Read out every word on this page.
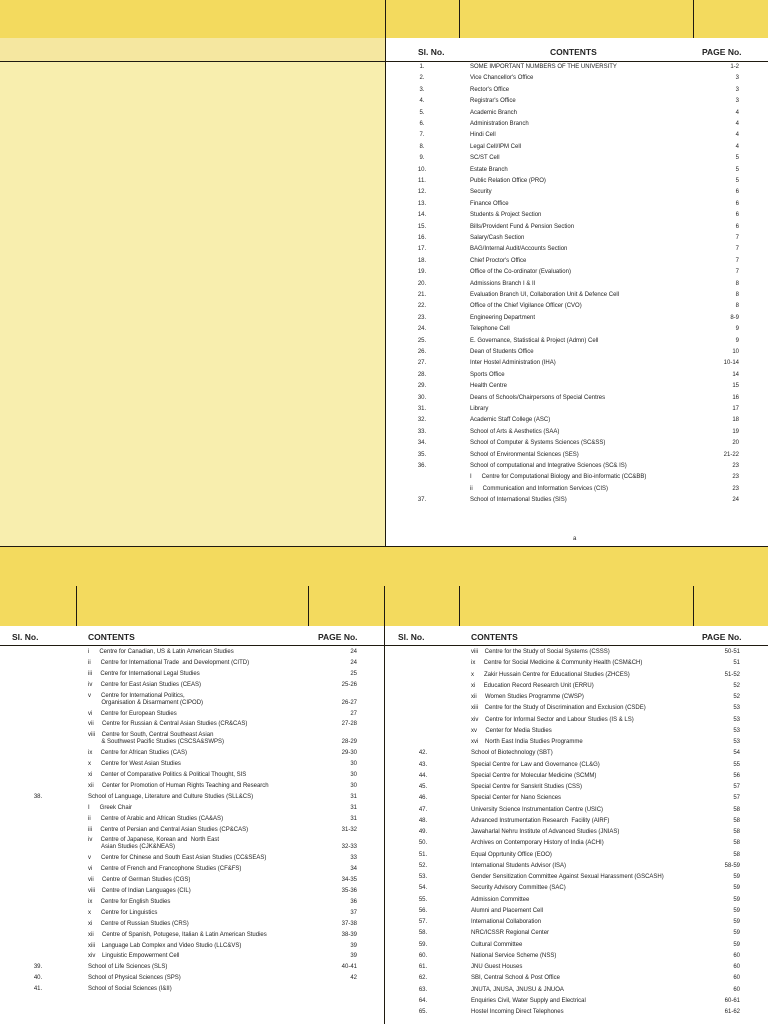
Sl. No.	CONTENTS	PAGE No.
1.	SOME IMPORTANT NUMBERS OF THE UNIVERSITY	1-2
2.	Vice Chancellor's Office	3
3.	Rector's Office	3
4.	Registrar's Office	3
5.	Academic Branch	4
6.	Administration Branch	4
7.	Hindi Cell	4
8.	Legal Cell/IPM Cell	4
9.	SC/ST Cell	5
10.	Estate Branch	5
11.	Public Relation Office (PRO)	5
12.	Security	6
13.	Finance Office	6
14.	Students & Project Section	6
15.	Bills/Provident Fund & Pension Section	6
16.	Salary/Cash Section	7
17.	BAG/Internal Audit/Accounts Section	7
18.	Chief Proctor's Office	7
19.	Office of the Co-ordinator (Evaluation)	7
20.	Admissions Branch I & II	8
21.	Evaluation Branch UI, Collaboration Unit & Defence Cell	8
22.	Office of the Chief Vigilance Officer (CVO)	8
23.	Engineering Department	8-9
24.	Telephone Cell	9
25.	E. Governance, Statistical & Project (Admn) Cell	9
26.	Dean of Students Office	10
27.	Inter Hostel Administration (IHA)	10-14
28.	Sports Office	14
29.	Health Centre	15
30.	Deans of Schools/Chairpersons of Special Centres	16
31.	Library	17
32.	Academic Staff College (ASC)	18
33.	School of Arts & Aesthetics (SAA)	19
34.	School of Computer & Systems Sciences (SC&SS)	20
35.	School of Environmental Sciences (SES)	21-22
36.	School of computational and Integrative Sciences (SC& IS)	23
I      Centre for Computational Biology and Bio-informatic (CC&BB)	23
ii      Communication and Information Services (CIS)	23
37.	School of International Studies (SIS)	24
a
Sl. No.	CONTENTS	PAGE No.	Sl. No.	CONTENTS	PAGE No.
i      Centre for Canadian, US & Latin American Studies	24
ii      Centre for International Trade  and Development (CITD)	24
iii     Centre for International Legal Studies	25
iv     Centre for East Asian Studies (CEAS)	25-26
v      Centre for International Politics,
Organisation & Disarmament (CIPOD)	26-27
vi     Centre for European Studies	27
vii     Centre for Russian & Central Asian Studies (CR&CAS)	27-28
viii    Centre for South, Central Southeast Asian
& Southwest Pacific Studies (CSCSA&SWPS)	28-29
ix     Centre for African Studies (CAS)	29-30
x      Centre for West Asian Studies	30
xi     Center of Comparative Politics & Political Thought, SIS	30
xii     Center for Promotion of Human Rights Teaching and Research	30
38.	School of Language, Literature and Culture Studies (SLL&CS)	31
I      Greek Chair	31
ii      Centre of Arabic and African Studies (CA&AS)	31
iii     Centre of Persian and Central Asian Studies (CP&CAS)	31-32
iv     Centre of Japanese, Korean and  North East
Asian Studies (CJK&NEAS)	32-33
v      Centre for Chinese and South East Asian Studies (CC&SEAS)	33
vi     Centre of French and Francophone Studies (CF&FS)	34
vii     Centre of German Studies (CGS)	34-35
viii    Centre of Indian Languages (CIL)	35-36
ix     Centre for English Studies	36
x      Centre for Linguistics	37
xi     Centre of Russian Studies (CRS)	37-38
xii     Centre of Spanish, Potugese, Italian & Latin American Studies	38-39
xiii    Language Lab Complex and Video Studio (LLC&VS)	39
xiv    Linguistic Empowerment Cell	39
39.	School of Life Sciences (SLS)	40-41
40.	School of Physical Sciences (SPS)	42
41.	School of Social Sciences (I&II)
viii    Centre for the Study of Social Systems (CSSS)	50-51
ix     Centre for Social Medicine & Community Health (CSM&CH)	51
x      Zakir Hussain Centre for Educational Studies (ZHCES)	51-52
xi     Education Record Research Unit (ERRU)	52
xii     Women Studies Programme (CWSP)	52
xiii    Centre for the Study of Discrimination and Exclusion (CSDE)	53
xiv    Centre for Informal Sector and Labour Studies (IS & LS)	53
xv     Center for Media Studies	53
xvi    North East India Studies Programme	53
42.	School of Biotechnology (SBT)	54
43.	Special Centre for Law and Governance (CL&G)	55
44.	Special Centre for Molecular Medicine (SCMM)	56
45.	Special Centre for Sanskrit Studies (CSS)	57
46.	Special Center for Nano Sciences	57
47.	University Science Instrumentation Centre (USIC)	58
48.	Advanced Instrumentation Research  Facility (AIRF)	58
49.	Jawaharlal Nehru Institute of Advanced Studies (JNIAS)	58
50.	Archives on Contemporary History of India (ACHI)	58
51.	Equal Opprtunity Office (EOO)	58
52.	International Students Advisor (ISA)	58-59
53.	Gender Sensitization Committee Against Sexual Harassment (GSCASH)	59
54.	Security Advisory Committee (SAC)	59
55.	Admission Committee	59
56.	Alumni and Placement Cell	59
57.	International Collaboration	59
58.	NRC/ICSSR Regional Center	59
59.	Cultural Committee	59
60.	National Service Scheme (NSS)	60
61.	JNU Guest Houses	60
62.	SBI, Central School & Post Office	60
63.	JNUTA, JNUSA, JNUSU & JNUOA	60
64.	Enquiries Civil, Water Supply and Electrical	60-61
65.	Hostel Incoming Direct Telephones	61-62
